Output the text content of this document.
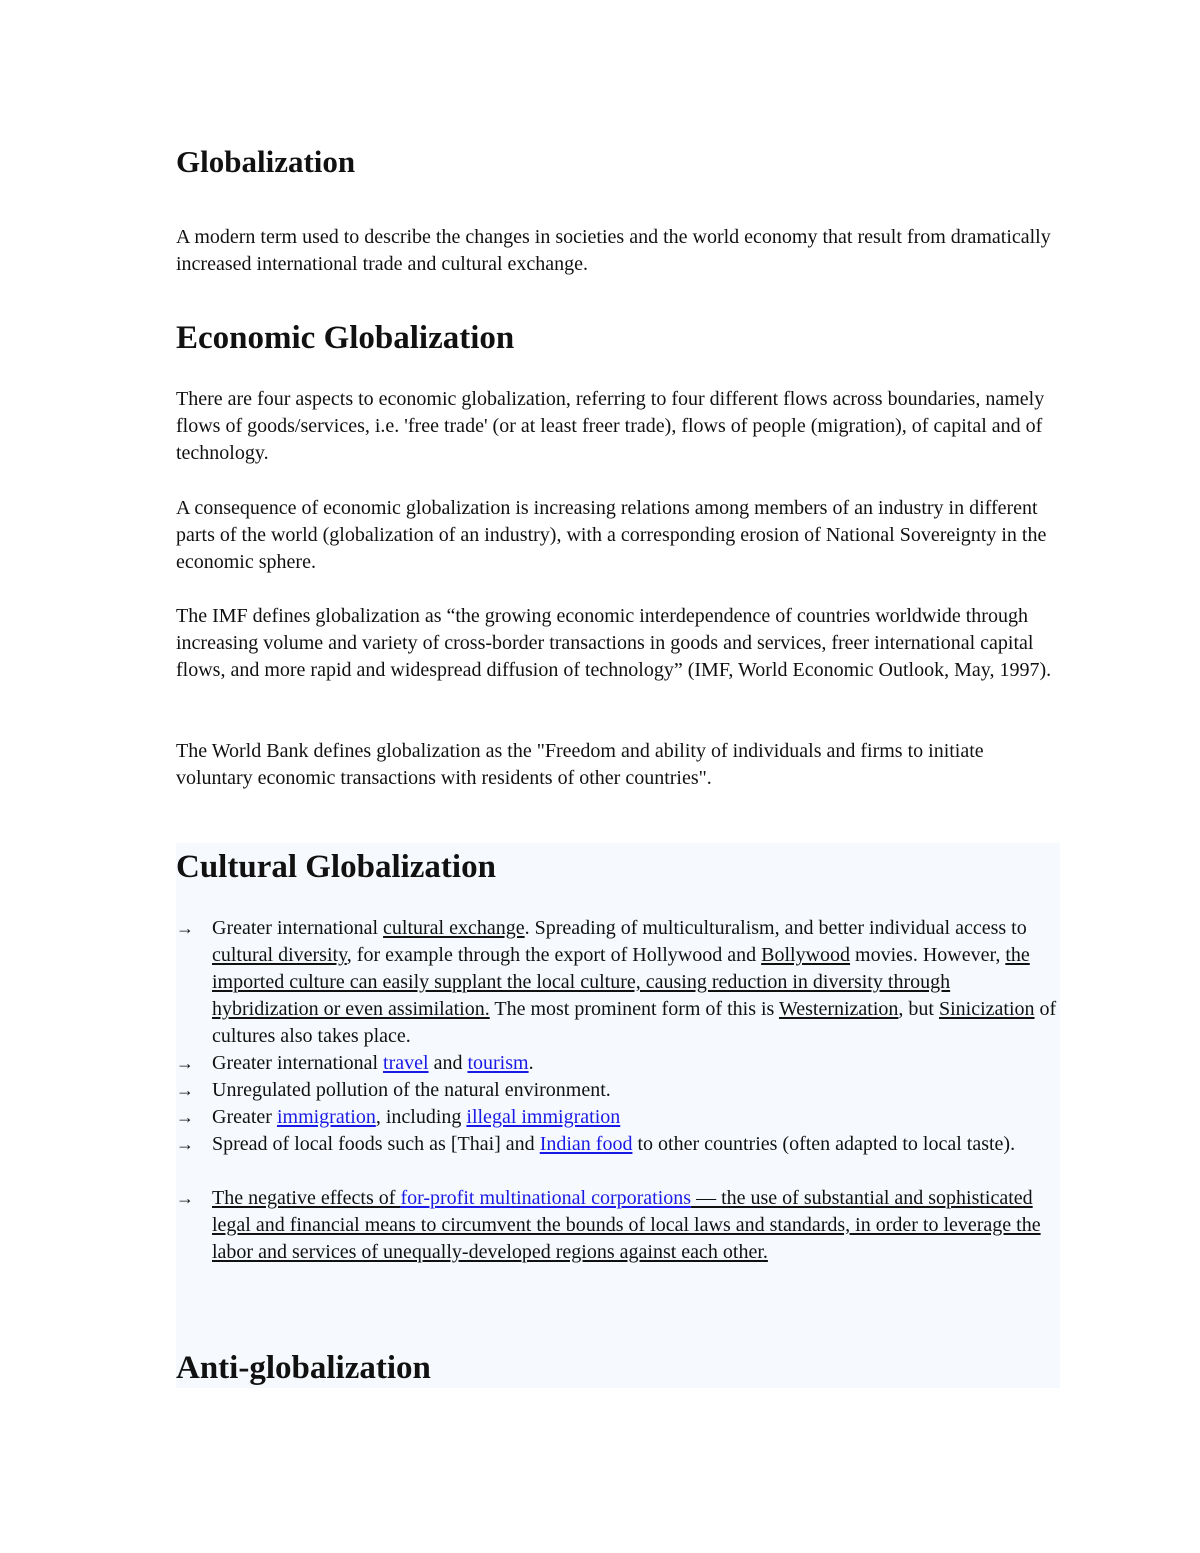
Globalization

A modern term used to describe the changes in societies and the world economy that result from dramatically increased international trade and cultural exchange.

Economic Globalization

There are four aspects to economic globalization, referring to four different flows across boundaries, namely flows of goods/services, i.e. 'free trade' (or at least freer trade), flows of people (migration), of capital and of technology.

A consequence of economic globalization is increasing relations among members of an industry in different parts of the world (globalization of an industry), with a corresponding erosion of National Sovereignty in the economic sphere.

The IMF defines globalization as “the growing economic interdependence of countries worldwide through increasing volume and variety of cross-border transactions in goods and services, freer international capital flows, and more rapid and widespread diffusion of technology” (IMF, World Economic Outlook, May, 1997).

The World Bank defines globalization as the "Freedom and ability of individuals and firms to initiate voluntary economic transactions with residents of other countries".

Cultural Globalization
→ Greater international cultural exchange. Spreading of multiculturalism, and better individual access to cultural diversity, for example through the export of Hollywood and Bollywood movies. However, the imported culture can easily supplant the local culture, causing reduction in diversity through hybridization or even assimilation. The most prominent form of this is Westernization, but Sinicization of cultures also takes place.
→ Greater international travel and tourism.
→ Unregulated pollution of the natural environment.
→ Greater immigration, including illegal immigration
→ Spread of local foods such as [Thai] and Indian food to other countries (often adapted to local taste).
→ The negative effects of for-profit multinational corporations — the use of substantial and sophisticated legal and financial means to circumvent the bounds of local laws and standards, in order to leverage the labor and services of unequally-developed regions against each other.
Anti-globalization
